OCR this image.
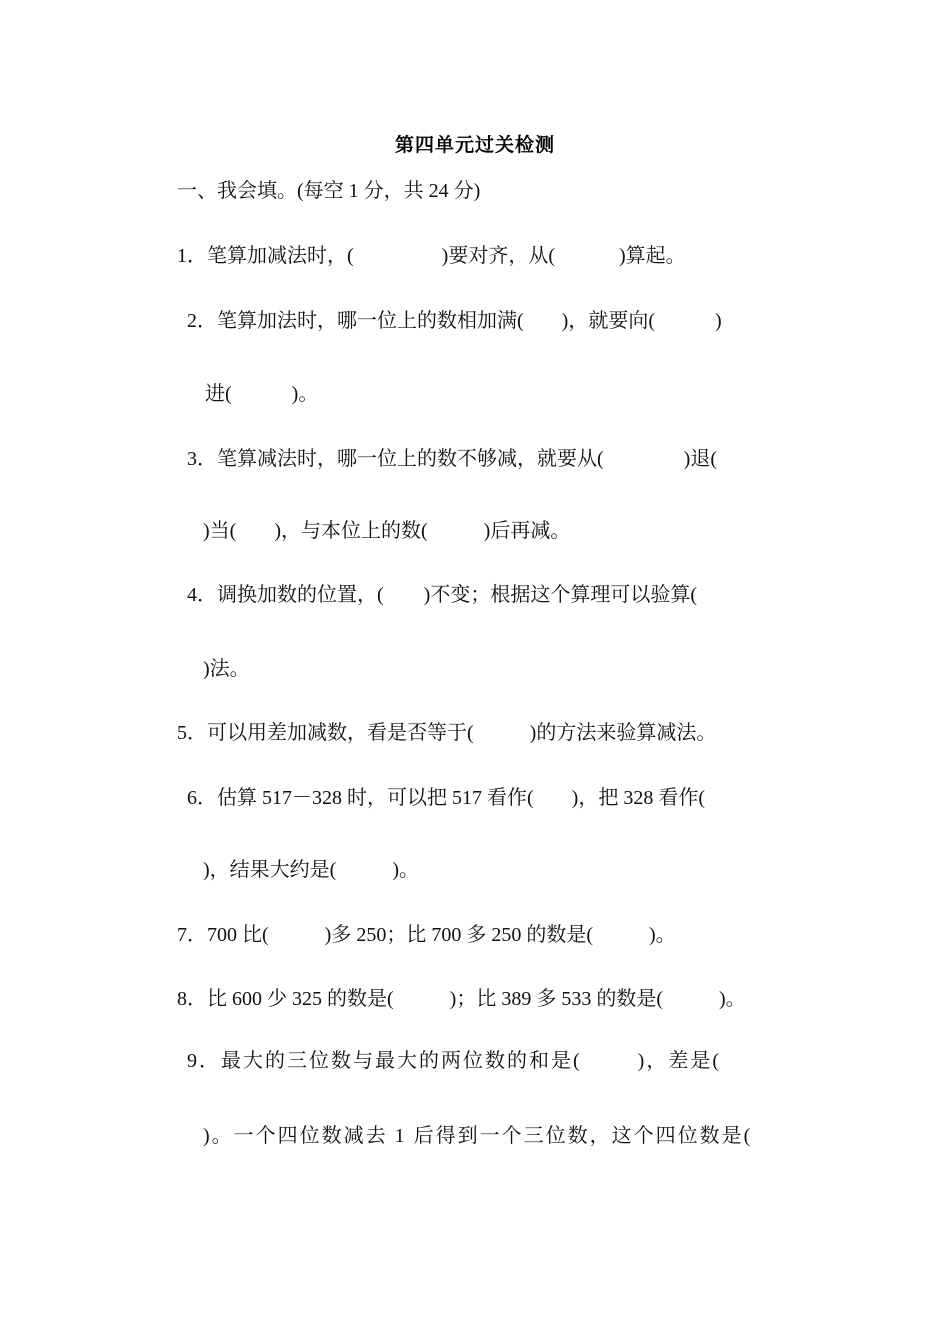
第四单元过关检测
一、我会填。(每空 1 分，共 24 分)
1．笔算加减法时，(	)要对齐，从(	)算起。
2．笔算加法时，哪一位上的数相加满( )，就要向(	)
进(	)。
3．笔算减法时，哪一位上的数不够减，就要从(	)退(
)当( )，与本位上的数(	)后再减。
4．调换加数的位置，( )不变；根据这个算理可以验算(
)法。
5．可以用差加减数，看是否等于(	)的方法来验算减法。
6．估算 517－328 时，可以把 517 看作( )，把 328 看作(
)，结果大约是(	)。
7．700 比(	)多 250；比 700 多 250 的数是(	)。
8．比 600 少 325 的数是(	)；比 389 多 533 的数是(	)。
9．最大的三位数与最大的两位数的和是(	)，差是(
)。一个四位数减去 1 后得到一个三位数，这个四位数是(
